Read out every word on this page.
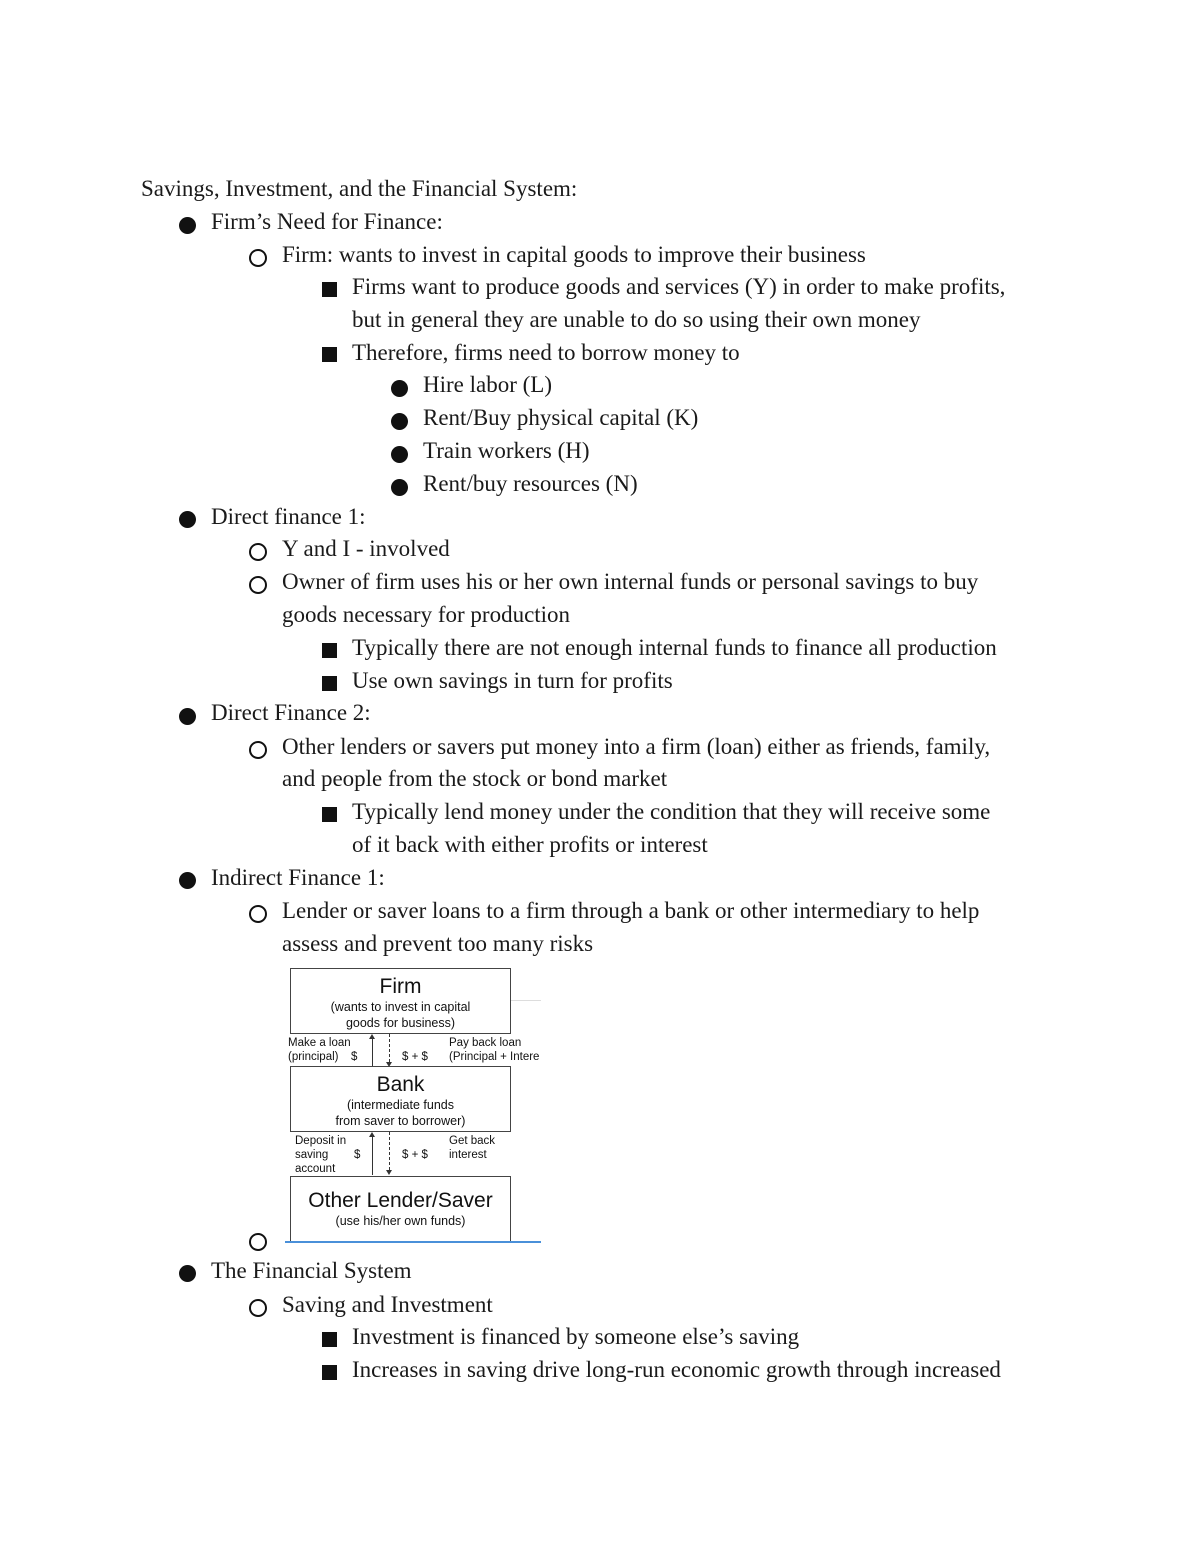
Savings, Investment, and the Financial System:
Firm’s Need for Finance:
Firm: wants to invest in capital goods to improve their business
Firms want to produce goods and services (Y) in order to make profits,
but in general they are unable to do so using their own money
Therefore, firms need to borrow money to
Hire labor (L)
Rent/Buy physical capital (K)
Train workers (H)
Rent/buy resources (N)
Direct finance 1:
Y and I - involved
Owner of firm uses his or her own internal funds or personal savings to buy
goods necessary for production
Typically there are not enough internal funds to finance all production
Use own savings in turn for profits
Direct Finance 2:
Other lenders or savers put money into a firm (loan) either as friends, family,
and people from the stock or bond market
Typically lend money under the condition that they will receive some
of it back with either profits or interest
Indirect Finance 1:
Lender or saver loans to a firm through a bank or other intermediary to help
assess and prevent too many risks
Firm
(wants to invest in capital
goods for business)
Make a loan
(principal) $	$ + $
Pay back loan
(Principal + Intere
Bank
(intermediate funds
from saver to borrower)
Deposit in
saving
account
$	$ + $
Get back
interest
Other Lender/Saver
(use his/her own funds)
The Financial System
Saving and Investment
Investment is financed by someone else’s saving
Increases in saving drive long-run economic growth through increased
